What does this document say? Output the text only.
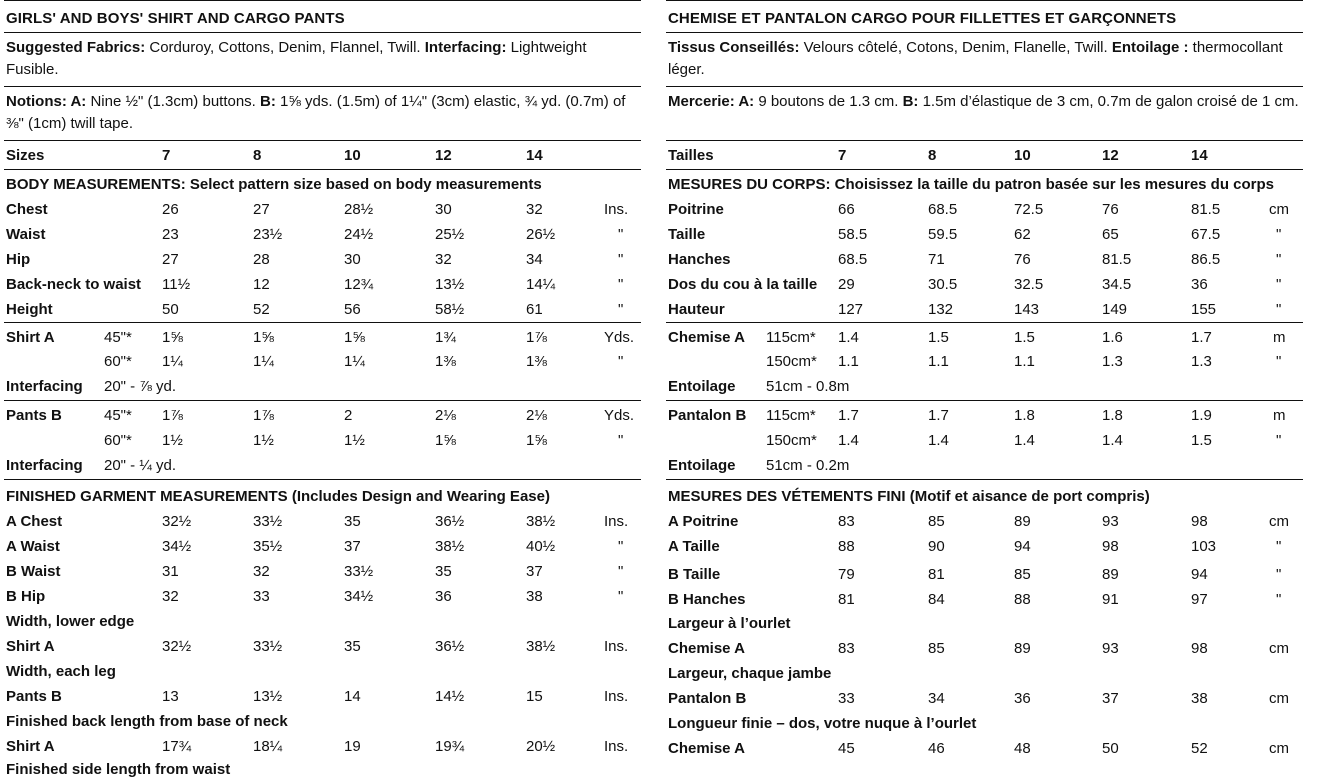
GIRLS' AND BOYS' SHIRT AND CARGO PANTS
Suggested Fabrics: Corduroy, Cottons, Denim, Flannel, Twill. Interfacing: Lightweight Fusible.
Notions: A: Nine ½" (1.3cm) buttons. B: 1⅝ yds. (1.5m) of 1¼" (3cm) elastic, ¾ yd. (0.7m) of ⅜" (1cm) twill tape.
Sizes	7	8	10	12	14
BODY MEASUREMENTS: Select pattern size based on body measurements
Chest	26	27	28½	30	32	Ins.
Waist	23	23½	24½	25½	26½	"
Hip	27	28	30	32	34	"
Back-neck to waist 11½	12	12¾	13½	14¼	"
Height	50	52	56	58½	61	"
Shirt A	45"* 1⅝	1⅝	1⅝	1¾	1⅞	Yds.
60"* 1¼	1¼	1¼	1⅜	1⅜	"
Interfacing 20" - ⅞ yd.
Pants B	45"* 1⅞	1⅞	2	2⅛	2⅛	Yds.
60"* 1½	1½	1½	1⅝	1⅝	"
Interfacing 20" - ¼ yd.
FINISHED GARMENT MEASUREMENTS (Includes Design and Wearing Ease)
A Chest	32½	33½	35	36½	38½	Ins.
A Waist	34½	35½	37	38½	40½	"
B Waist	31	32	33½	35	37	"
B Hip	32	33	34½	36	38	"
Width, lower edge
Shirt A	32½	33½	35	36½	38½	Ins.
Width, each leg
Pants B	13	13½	14	14½	15	Ins.
Finished back length from base of neck
Shirt A	17¾	18¼	19	19¾	20½	Ins.
Finished side length from waist
CHEMISE ET PANTALON CARGO POUR FILLETTES ET GARÇONNETS
Tissus Conseillés: Velours côtelé, Cotons, Denim, Flanelle, Twill. Entoilage : thermocollant léger.
Mercerie: A: 9 boutons de 1.3 cm. B: 1.5m d’élastique de 3 cm, 0.7m de galon croisé de 1 cm.
Tailles	7	8	10	12	14
MESURES DU CORPS: Choisissez la taille du patron basée sur les mesures du corps
Poitrine	66	68.5	72.5	76	81.5	cm
Taille	58.5	59.5	62	65	67.5	"
Hanches	68.5	71	76	81.5	86.5	"
Dos du cou à la taille 29	30.5	32.5	34.5	36	"
Hauteur	127	132	143	149	155	"
Chemise A 115cm* 1.4	1.5	1.5	1.6	1.7	m
150cm* 1.1	1.1	1.1	1.3	1.3	"
Entoilage 51cm - 0.8m
Pantalon B 115cm* 1.7	1.7	1.8	1.8	1.9	m
150cm* 1.4	1.4	1.4	1.4	1.5	"
Entoilage 51cm - 0.2m
MESURES DES VÉTEMENTS FINI (Motif et aisance de port compris)
A Poitrine	83	85	89	93	98	cm
A Taille	88	90	94	98	103	"
B Taille	79	81	85	89	94	"
B Hanches	81	84	88	91	97	"
Largeur à l’ourlet
Chemise A	83	85	89	93	98	cm
Largeur, chaque jambe
Pantalon B	33	34	36	37	38	cm
Longueur finie – dos, votre nuque à l’ourlet
Chemise A	45	46	48	50	52	cm
